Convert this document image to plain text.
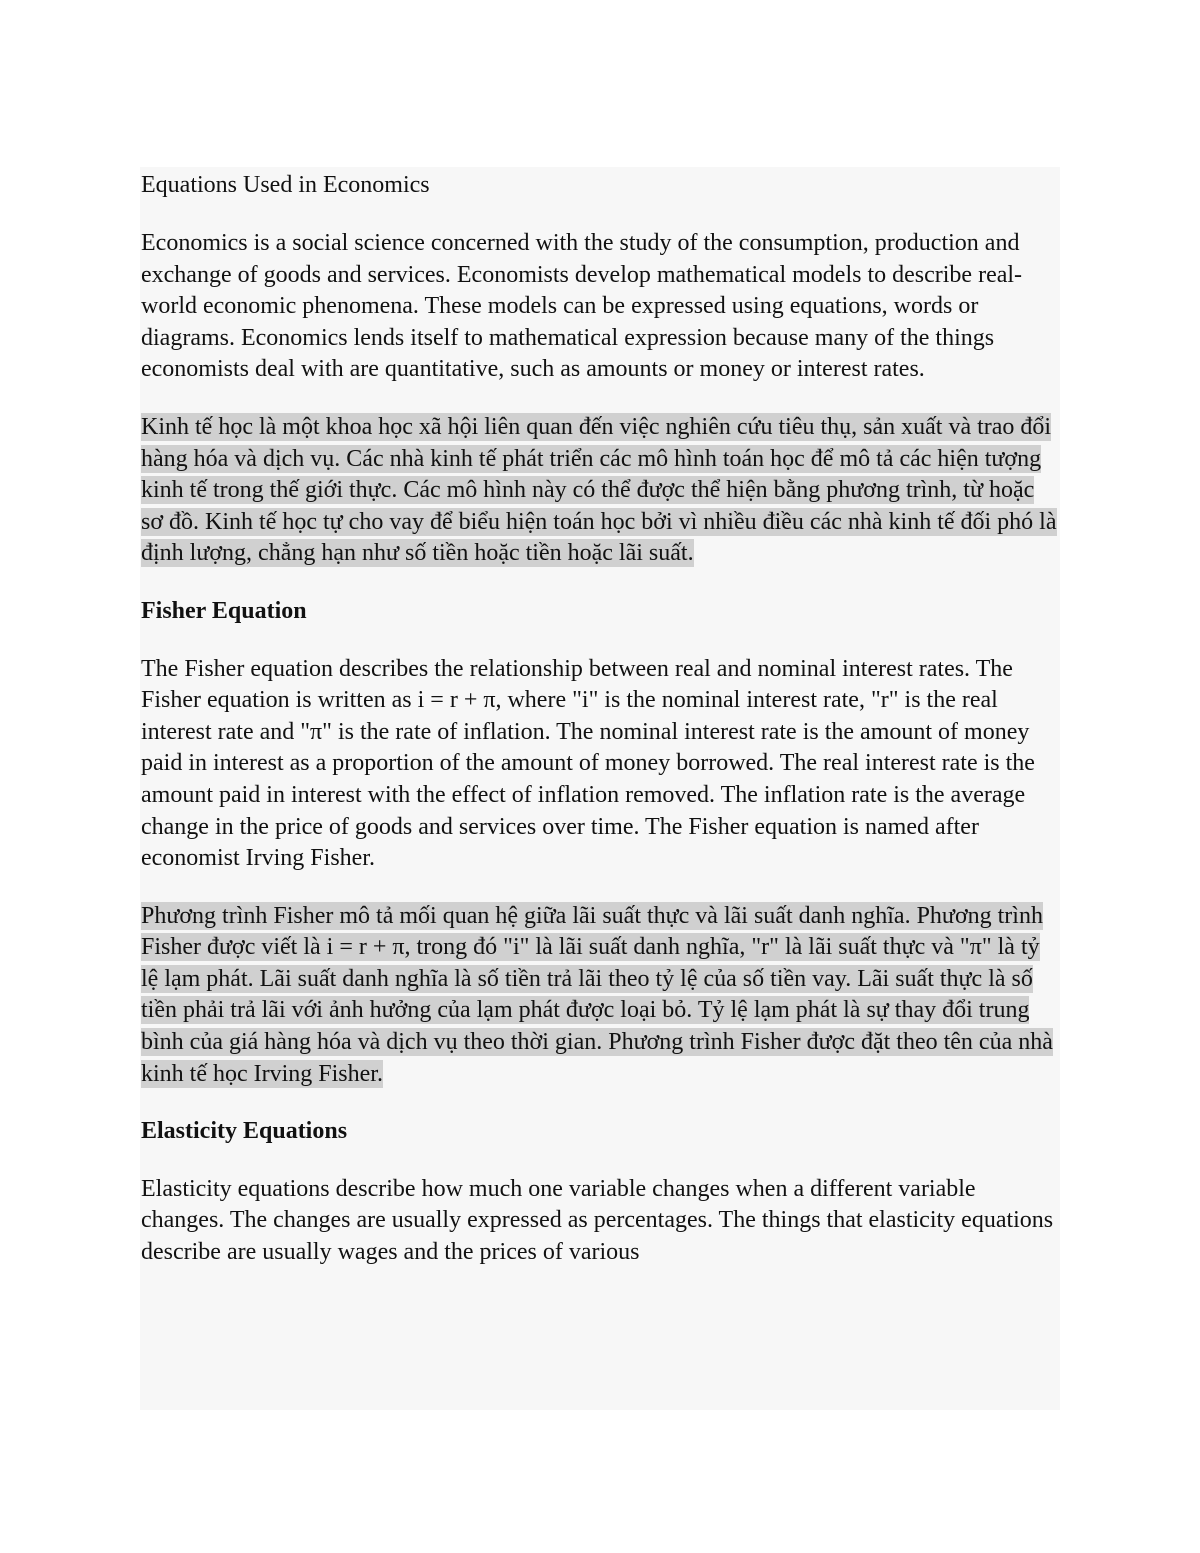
Equations Used in Economics

Economics is a social science concerned with the study of the consumption, production and exchange of goods and services. Economists develop mathematical models to describe real-world economic phenomena. These models can be expressed using equations, words or diagrams. Economics lends itself to mathematical expression because many of the things economists deal with are quantitative, such as amounts or money or interest rates.

Kinh tế học là một khoa học xã hội liên quan đến việc nghiên cứu tiêu thụ, sản xuất và trao đổi hàng hóa và dịch vụ. Các nhà kinh tế phát triển các mô hình toán học để mô tả các hiện tượng kinh tế trong thế giới thực. Các mô hình này có thể được thể hiện bằng phương trình, từ hoặc sơ đồ. Kinh tế học tự cho vay để biểu hiện toán học bởi vì nhiều điều các nhà kinh tế đối phó là định lượng, chẳng hạn như số tiền hoặc tiền hoặc lãi suất.

Fisher Equation

The Fisher equation describes the relationship between real and nominal interest rates. The Fisher equation is written as i = r + π, where "i" is the nominal interest rate, "r" is the real interest rate and "π" is the rate of inflation. The nominal interest rate is the amount of money paid in interest as a proportion of the amount of money borrowed. The real interest rate is the amount paid in interest with the effect of inflation removed. The inflation rate is the average change in the price of goods and services over time. The Fisher equation is named after economist Irving Fisher.

Phương trình Fisher mô tả mối quan hệ giữa lãi suất thực và lãi suất danh nghĩa. Phương trình Fisher được viết là i = r + π, trong đó "i" là lãi suất danh nghĩa, "r" là lãi suất thực và "π" là tỷ lệ lạm phát. Lãi suất danh nghĩa là số tiền trả lãi theo tỷ lệ của số tiền vay. Lãi suất thực là số tiền phải trả lãi với ảnh hưởng của lạm phát được loại bỏ. Tỷ lệ lạm phát là sự thay đổi trung bình của giá hàng hóa và dịch vụ theo thời gian. Phương trình Fisher được đặt theo tên của nhà kinh tế học Irving Fisher.

Elasticity Equations

Elasticity equations describe how much one variable changes when a different variable changes. The changes are usually expressed as percentages. The things that elasticity equations describe are usually wages and the prices of various
